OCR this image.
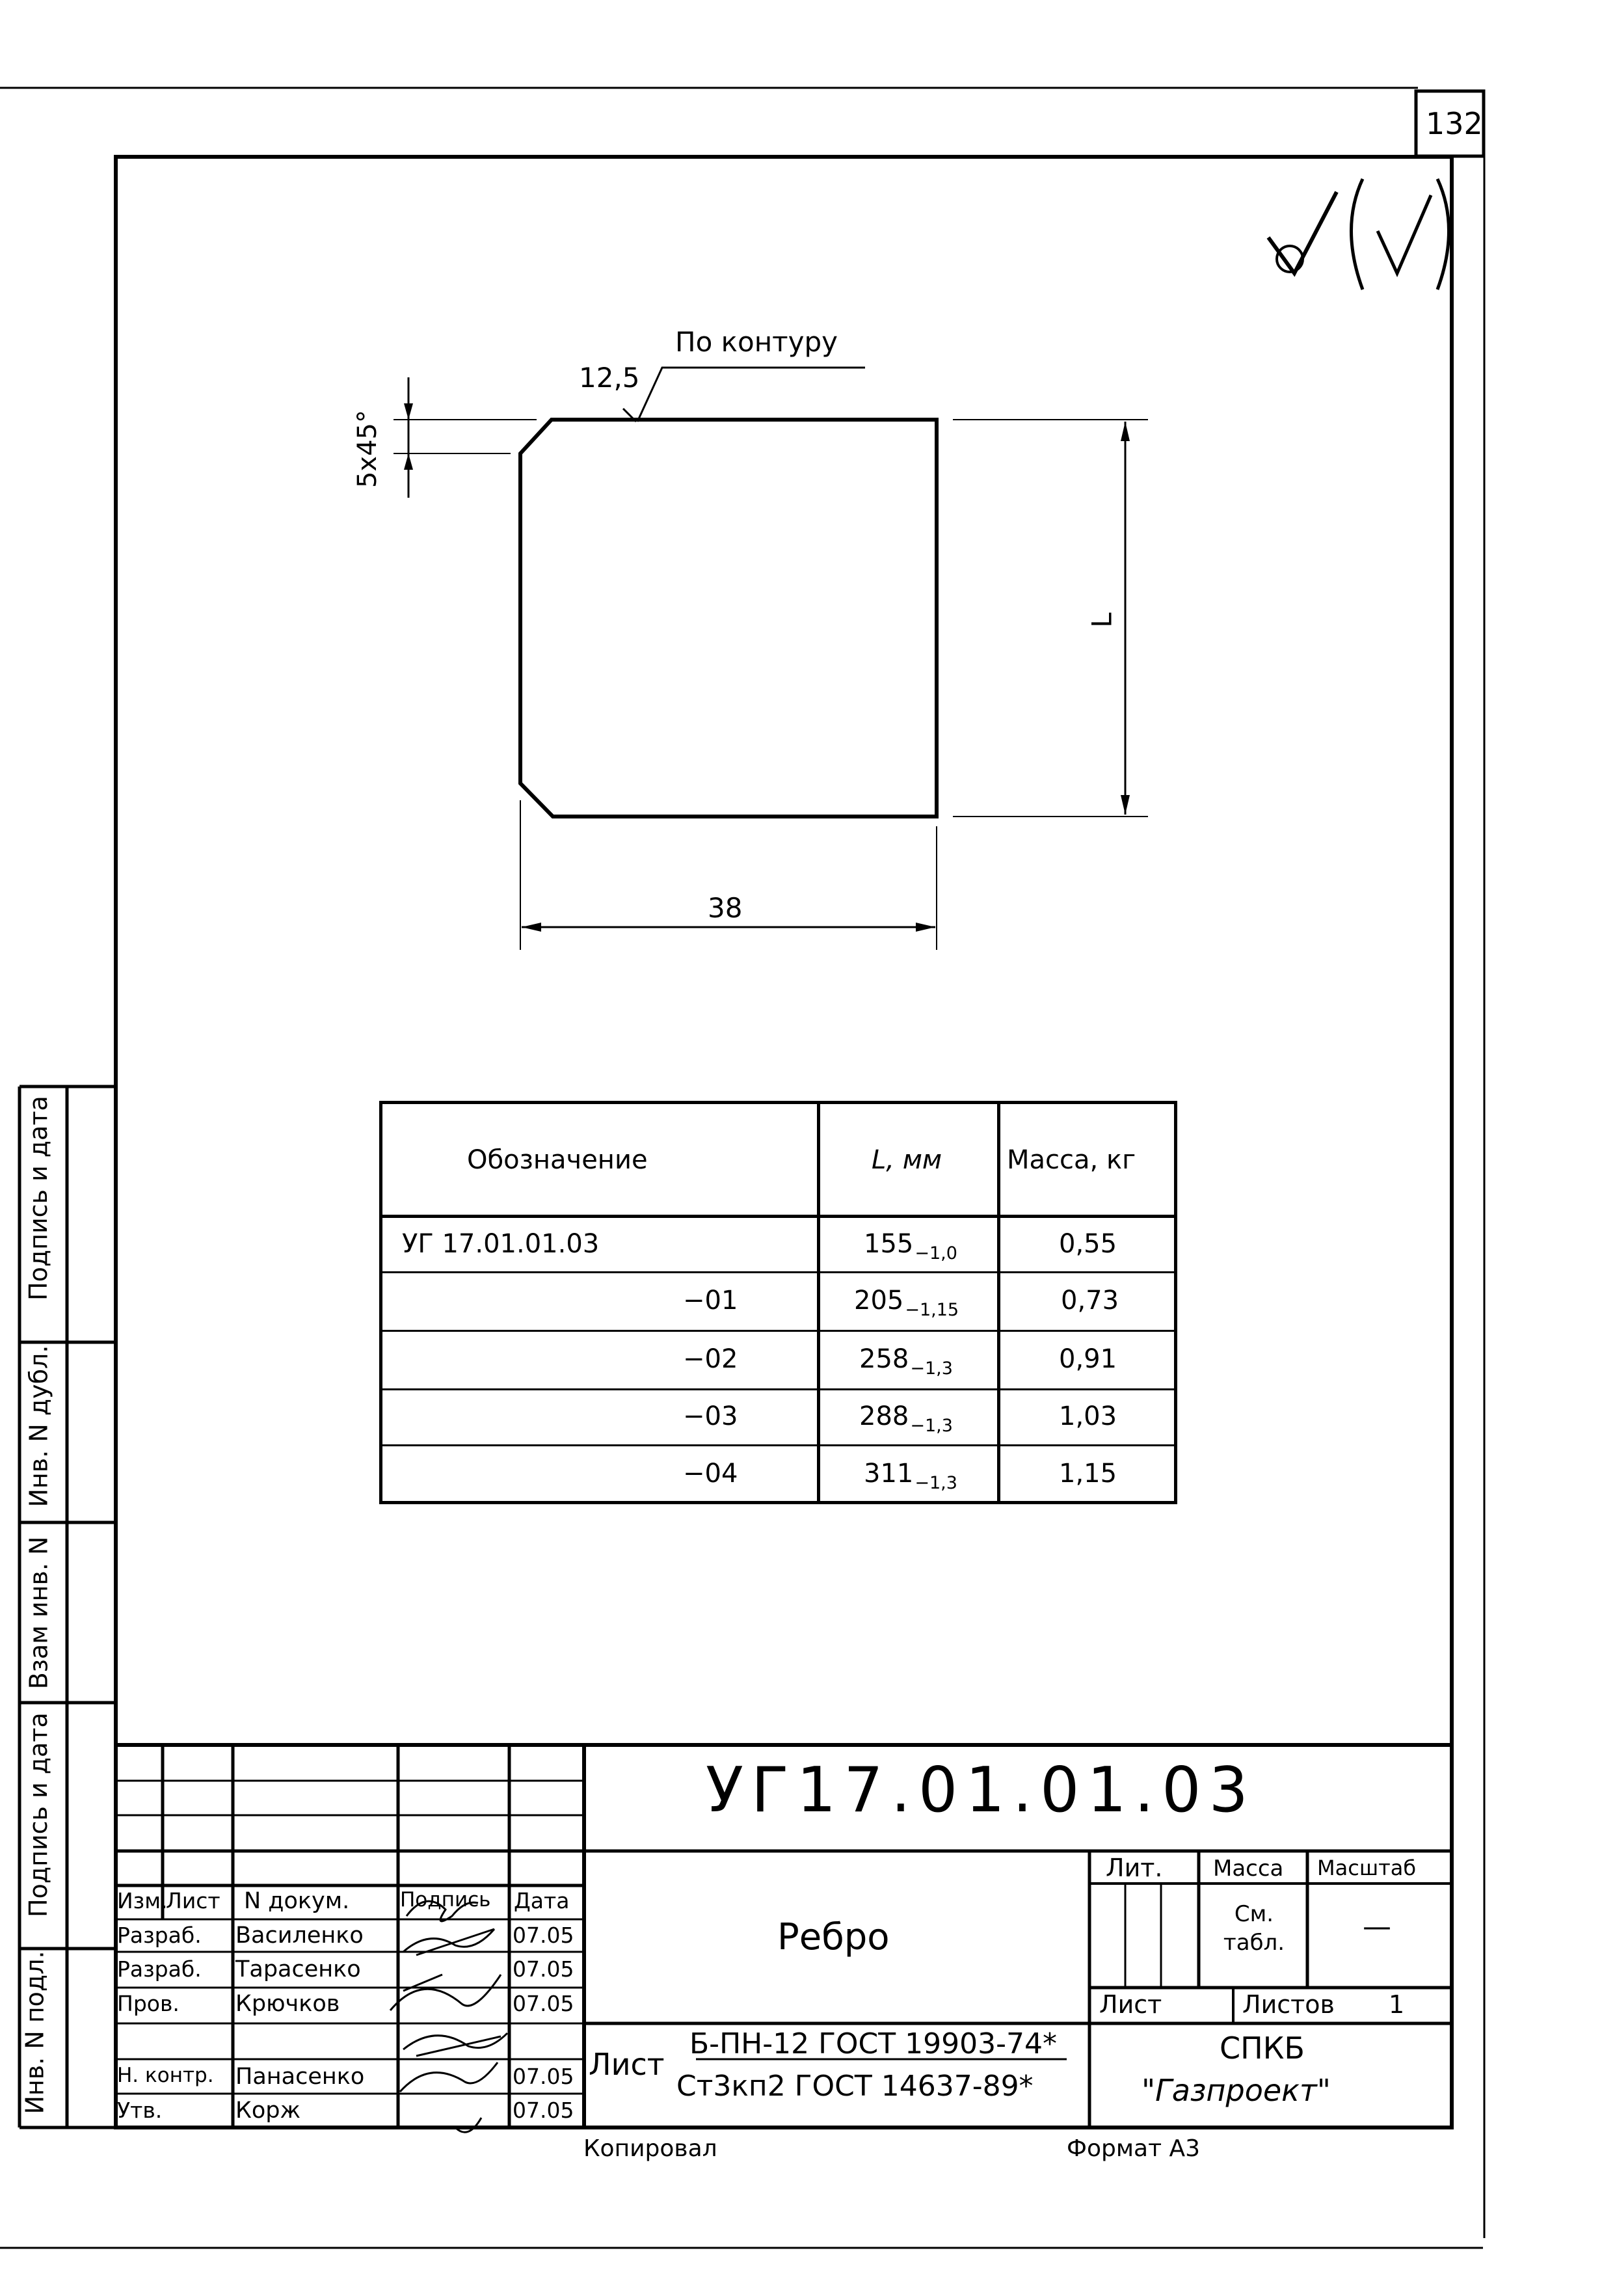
132
По контуру
12,5
5x45°
L
38
Обозначение	L, мм Масса, кг
УГ 17.01.01.03	$155_{-1,0}$	0,55
−01	$205_{-1,15}$	0,73
−02	$258_{-1,3}$	0,91
−03	$288_{-1,3}$	1,03
−04	$311_{-1,3}$	1,15
Подпись и дата
Инв. N дубл.
Взам инв. N
Подпись и дата
Инв. N подл.
УГ17.01.01.03
Изм.
Лист N докум.	Подпись Дата
Разраб. Василенко	07.05
Разраб. Тарасенко	07.05
Пров. Крючков	07.05
Н. контр. Панасенко	07.05
Утв.	Корж	07.05
Ребро
Лит. Масса Масштаб
См. табл.	—
Лист	Листов 1
Лист
Б-ПН-12 ГОСТ 19903-74*
Ст3кп2 ГОСТ 14637-89*
СПКБ
"Газпроект"
Копировал	Формат А3
